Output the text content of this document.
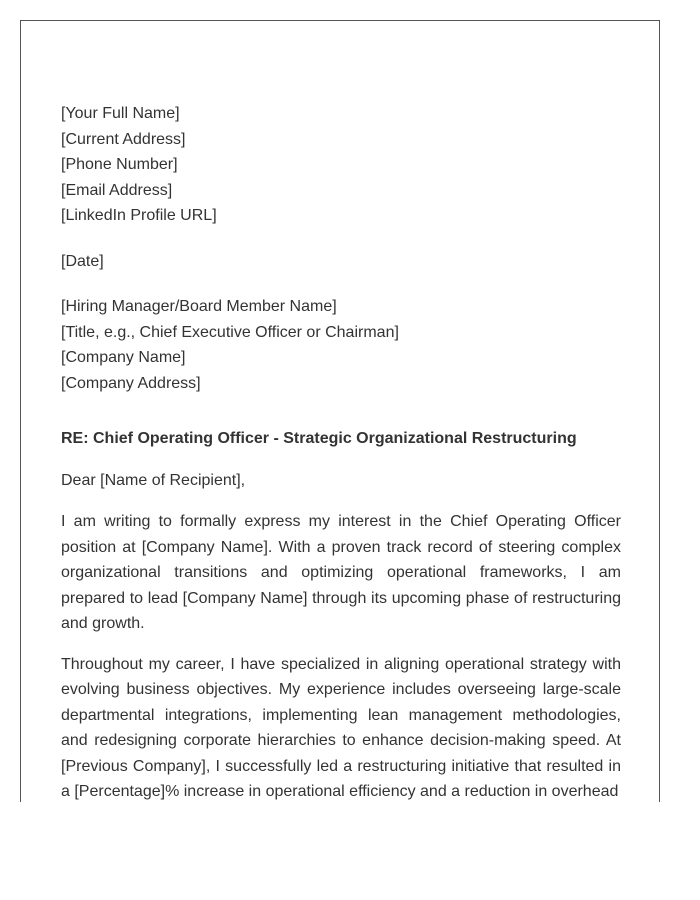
[Your Full Name]
[Current Address]
[Phone Number]
[Email Address]
[LinkedIn Profile URL]
[Date]
[Hiring Manager/Board Member Name]
[Title, e.g., Chief Executive Officer or Chairman]
[Company Name]
[Company Address]
RE: Chief Operating Officer - Strategic Organizational Restructuring
Dear [Name of Recipient],

I am writing to formally express my interest in the Chief Operating Officer position at [Company Name]. With a proven track record of steering complex organizational transitions and optimizing operational frameworks, I am prepared to lead [Company Name] through its upcoming phase of restructuring and growth.

Throughout my career, I have specialized in aligning operational strategy with evolving business objectives. My experience includes overseeing large-scale departmental integrations, implementing lean management methodologies, and redesigning corporate hierarchies to enhance decision-making speed. At [Previous Company], I successfully led a restructuring initiative that resulted in a [Percentage]% increase in operational efficiency and a reduction in overhead
